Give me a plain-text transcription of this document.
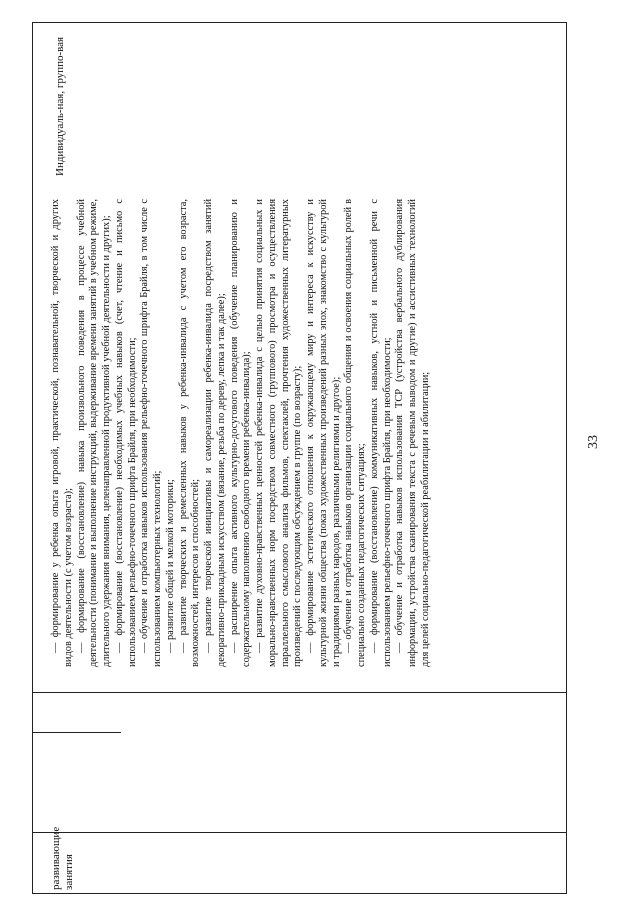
33
— формирование у ребенка опыта игровой, практической, познавательной, творческой и других видов деятельности (с учетом возраста); — формирование (восстановление) навыка произвольного поведения в процессе учебной деятельности (понимание и выполнение инструкций, выдерживание времени занятий в учебном режиме, длительного удержания внимания, целенаправленной продуктивной учебной деятельности и других); — формирование (восстановление) необходимых учебных навыков (счет, чтение и письмо с использованием рельефно-точечного шрифта Брайля, при необходимости; — обучение и отработка навыков использования рельефно-точечного шрифта Брайля, в том числе с использованием компьютерных технологий; — развитие общей и мелкой моторики; — развитие творческих и ремесленных навыков у ребенка-инвалида с учетом его возраста, возможностей, интересов и способностей; — развитие творческой инициативы и самореализации ребенка-инвалида посредством занятий декоративно-прикладным искусством (вязание, резьба по дереву, лепка и так далее); — расширение опыта активного культурно-досугового поведения (обучение планированию и содержательному наполнению свободного времени ребенка-инвалида); — развитие духовно-нравственных ценностей ребенка-инвалида с целью принятия социальных и морально-нравственных норм посредством совместного (группового) просмотра и осуществления параллельного смыслового анализа фильмов, спектаклей, прочтения художественных литературных произведений с последующим обсуждением в группе (по возрасту); — формирование эстетического отношения к окружающему миру и интереса к искусству и культурной жизни общества (показ художественных произведений разных эпох, знакомство с культурой и традициями разных народов, различными религиями и другое); — обучение и отработка навыков организации социального общения и освоения социальных ролей в специально созданных педагогических ситуациях; — формирование (восстановление) коммуникативных навыков, устной и письменной речи с использованием рельефно-точечного шрифта Брайля, при необходимости; — обучение и отработка навыков использования ТСР (устройства вербального дублирования информации, устройства сканирования текста с речевым выводом и другие) и ассистивных технологий для целей социально-педагогической реабилитации и абилитации;
Индивидуаль-ная, группо-вая
развивающие занятия
